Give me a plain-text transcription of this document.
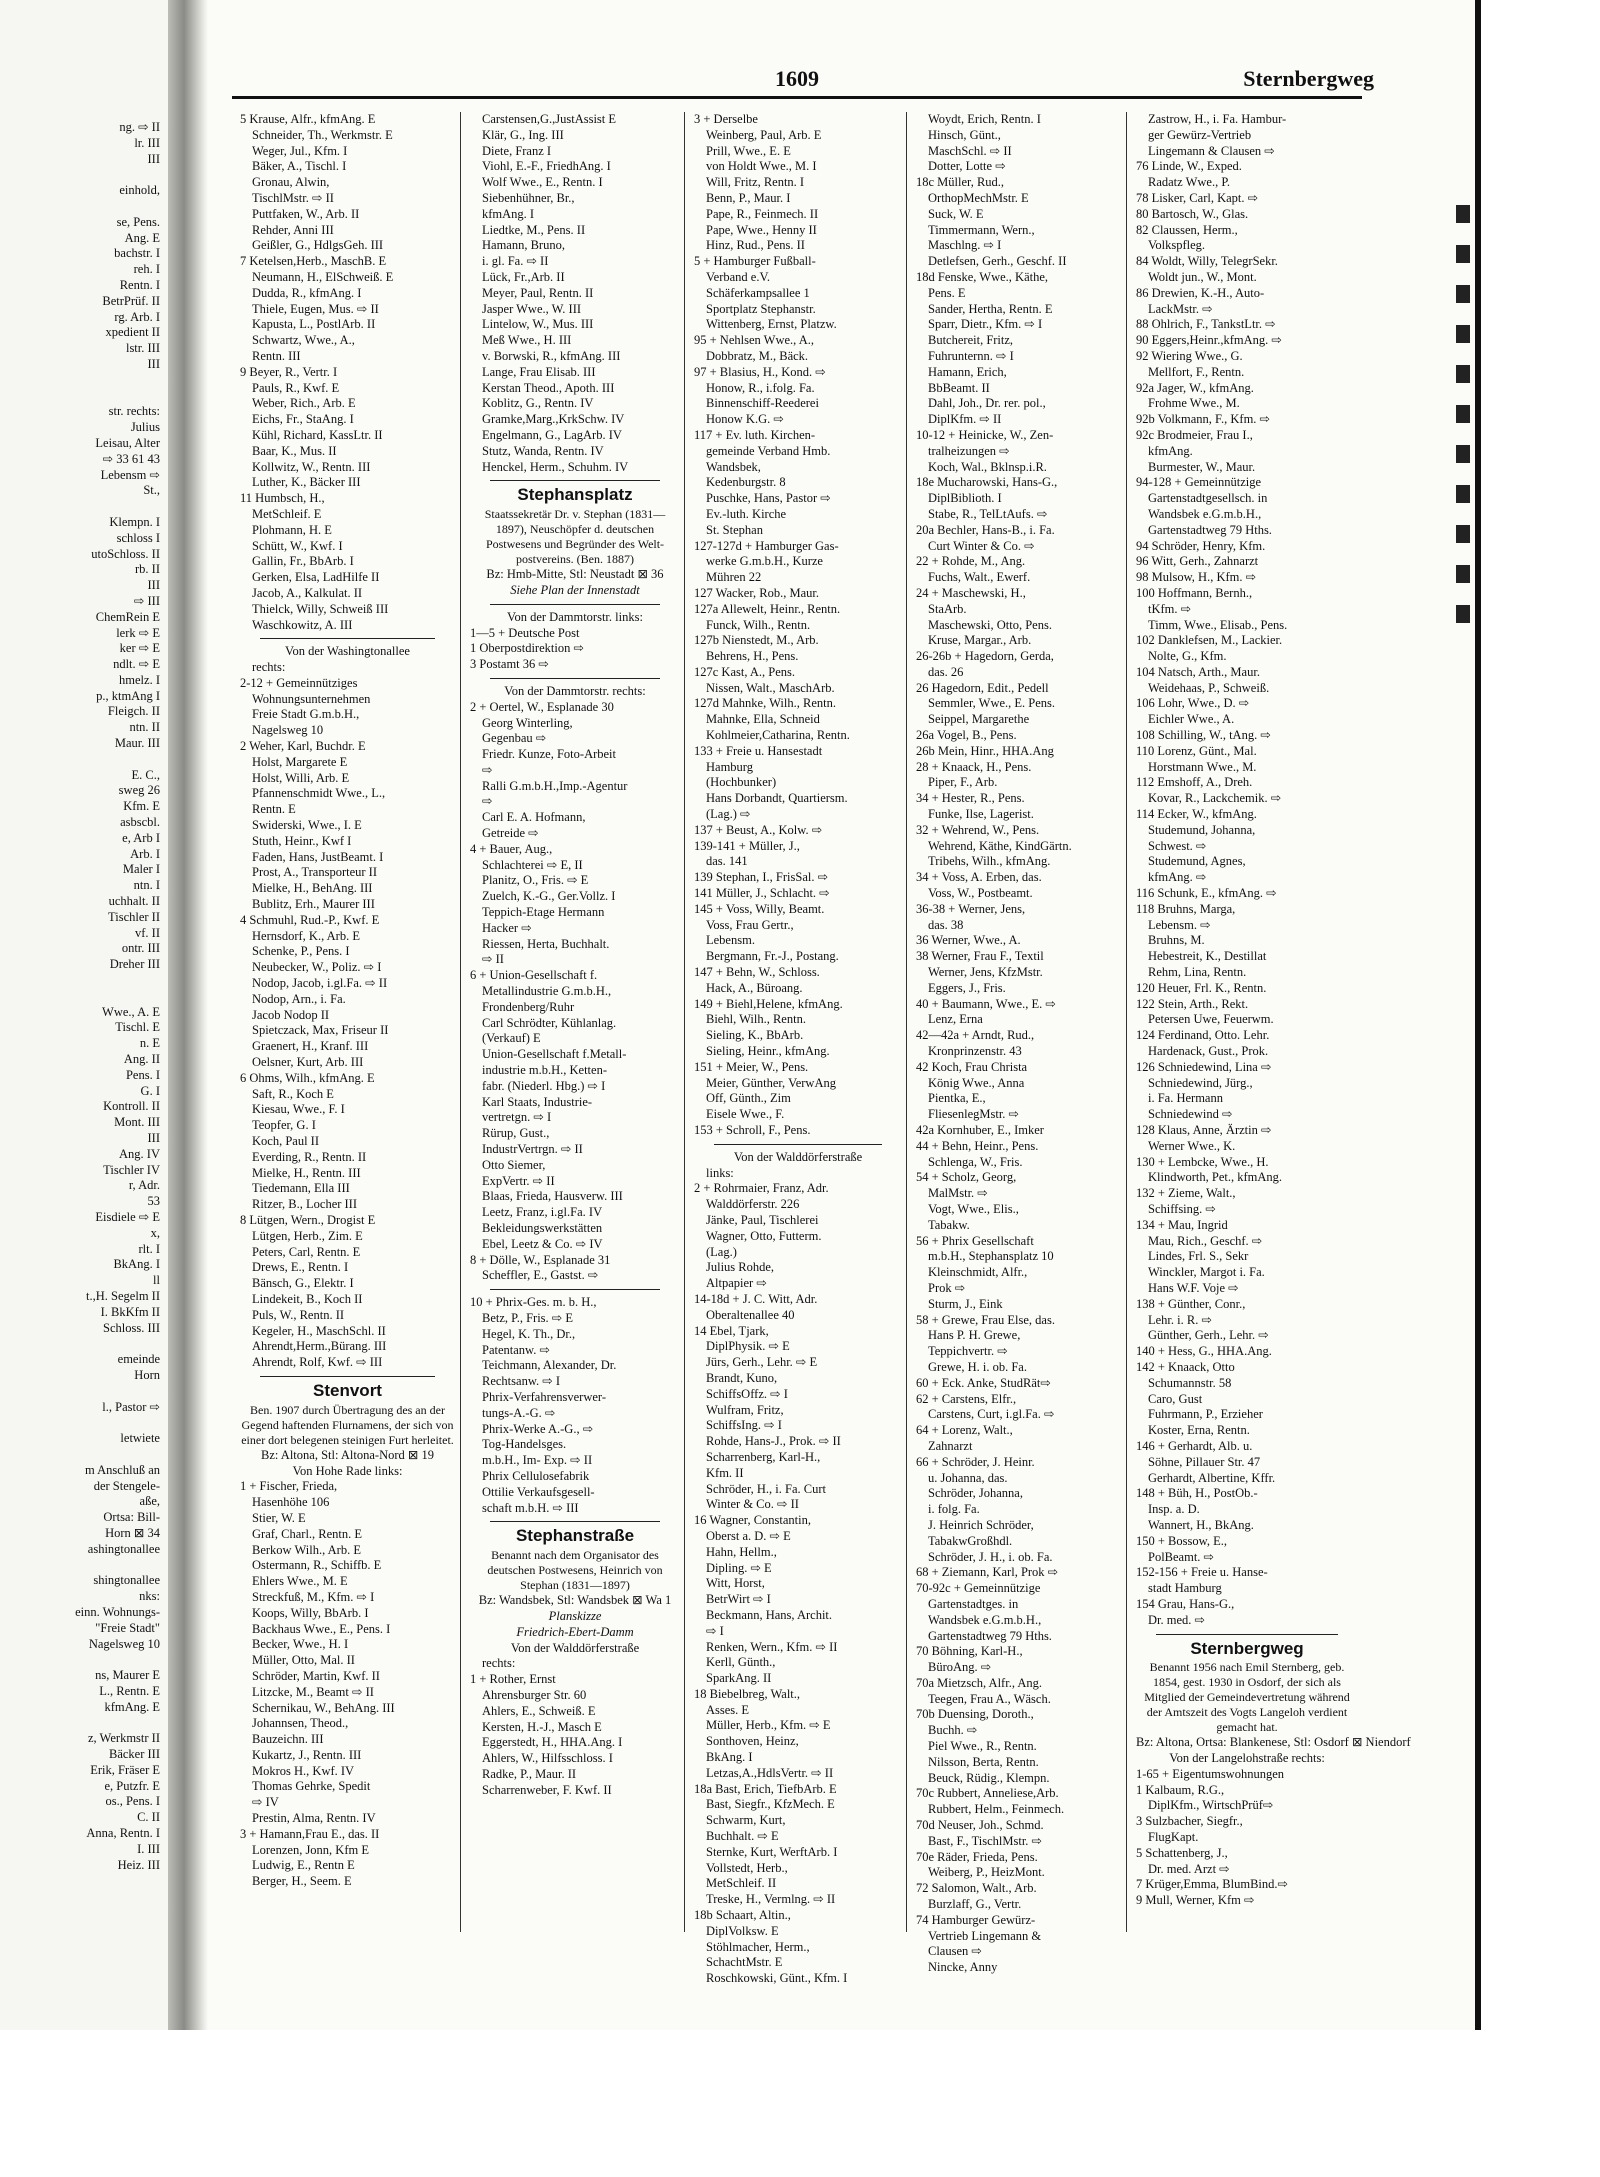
ng. ⇨ II
lr. III
III

einhold,

se, Pens.
Ang. E
bachstr. I
reh. I
Rentn. I
BetrPrüf. II
rg. Arb. I
xpedient II
lstr. III
III

str. rechts:
Julius
Leisau, Alter
⇨ 33 61 43
Lebensm ⇨
St.,

Klempn. I
schloss I
utoSchloss. II
rb. II
III
⇨ III
ChemRein E
lerk ⇨ E
ker ⇨ E
ndlt. ⇨ E
hmelz. I
p., ktmAng I
Fleigch. II
ntn. II
Maur. III

E. C.,
sweg 26
Kfm. E
asbscbl.
e, Arb I
Arb. I
Maler I
ntn. I
uchhalt. II
Tischler II
vf. II
ontr. III
Dreher III

Wwe., A. E
Tischl. E
n. E
Ang. II
Pens. I
G. I
Kontroll. II
Mont. III
III
Ang. IV
Tischler IV
r, Adr.
53
Eisdiele ⇨ E
x,
rlt. I
BkAng. I
ll
t.,H. Segelm II
I. BkKfm II
Schloss. III

emeinde
Horn

l., Pastor ⇨

letwiete

m Anschluß an
der Stengele-
aße,
Ortsa: Bill-
Horn ⊠ 34
ashingtonallee

shingtonallee
nks:
einn. Wohnungs-
"Freie Stadt"
Nagelsweg 10

ns, Maurer E
L., Rentn. E
kfmAng. E

z, Werkmstr II
Bäcker III
Erik, Fräser E
e, Putzfr. E
os., Pens. I
C. II
Anna, Rentn. I
I. III
Heiz. III
1609	Sternbergweg
5 Krause, Alfr., kfmAng. E
Schneider, Th., Werkmstr. E
Weger, Jul., Kfm. I
Bäker, A., Tischl. I
Gronau, Alwin,
TischlMstr. ⇨ II
Puttfaken, W., Arb. II
Rehder, Anni III
Geißler, G., HdlgsGeh. III
7 Ketelsen,Herb., MaschB. E
Neumann, H., ElSchweiß. E
Dudda, R., kfmAng. I
Thiele, Eugen, Mus. ⇨ II
Kapusta, L., PostlArb. II
Schwartz, Wwe., A.,
Rentn. III
9 Beyer, R., Vertr. I
Pauls, R., Kwf. E
Weber, Rich., Arb. E
Eichs, Fr., StaAng. I
Kühl, Richard, KassLtr. II
Baar, K., Mus. II
Kollwitz, W., Rentn. III
Luther, K., Bäcker III
11 Humbsch, H.,
MetSchleif. E
Plohmann, H. E
Schütt, W., Kwf. I
Gallin, Fr., BbArb. I
Gerken, Elsa, LadHilfe II
Jacob, A., Kalkulat. II
Thielck, Willy, Schweiß III
Waschkowitz, A. III
Von der Washingtonallee
rechts:
2-12 + Gemeinnütziges
Wohnungsunternehmen
Freie Stadt G.m.b.H.,
Nagelsweg 10
2 Weher, Karl, Buchdr. E
Holst, Margarete E
Holst, Willi, Arb. E
Pfannenschmidt Wwe., L.,
Rentn. E
Swiderski, Wwe., I. E
Stuth, Heinr., Kwf I
Faden, Hans, JustBeamt. I
Prost, A., Transporteur II
Mielke, H., BehAng. III
Bublitz, Erh., Maurer III
4 Schmuhl, Rud.-P., Kwf. E
Hernsdorf, K., Arb. E
Schenke, P., Pens. I
Neubecker, W., Poliz. ⇨ I
Nodop, Jacob, i.gl.Fa. ⇨ II
Nodop, Arn., i. Fa.
Jacob Nodop II
Spietczack, Max, Friseur II
Graenert, H., Kranf. III
Oelsner, Kurt, Arb. III
6 Ohms, Wilh., kfmAng. E
Saft, R., Koch E
Kiesau, Wwe., F. I
Teopfer, G. I
Koch, Paul II
Everding, R., Rentn. II
Mielke, H., Rentn. III
Tiedemann, Ella III
Ritzer, B., Locher III
8 Lütgen, Wern., Drogist E
Lütgen, Herb., Zim. E
Peters, Carl, Rentn. E
Drews, E., Rentn. I
Bänsch, G., Elektr. I
Lindekeit, B., Koch II
Puls, W., Rentn. II
Kegeler, H., MaschSchl. II
Ahrendt,Herm.,Bürang. III
Ahrendt, Rolf, Kwf. ⇨ III
Stenvort
Ben. 1907 durch Übertragung des an der Gegend haftenden Flurnamens, der sich von einer dort belegenen steinigen Furt herleitet.
Bz: Altona, Stl: Altona-Nord ⊠ 19
Von Hohe Rade links:
1 + Fischer, Frieda,
Hasenhöhe 106
Stier, W. E
Graf, Charl., Rentn. E
Berkow Wilh., Arb. E
Ostermann, R., Schiffb. E
Ehlers Wwe., M. E
Streckfuß, M., Kfm. ⇨ I
Koops, Willy, BbArb. I
Backhaus Wwe., E., Pens. I
Becker, Wwe., H. I
Müller, Otto, Mal. II
Schröder, Martin, Kwf. II
Litzcke, M., Beamt ⇨ II
Schernikau, W., BehAng. III
Johannsen, Theod.,
Bauzeichn. III
Kukartz, J., Rentn. III
Mokros H., Kwf. IV
Thomas Gehrke, Spedit
⇨ IV
Prestin, Alma, Rentn. IV
3 + Hamann,Frau E., das. II
Lorenzen, Jonn, Kfm E
Ludwig, E., Rentn E
Berger, H., Seem. E
Carstensen,G.,JustAssist E
Klär, G., Ing. III
Diete, Franz I
Viohl, E.-F., FriedhAng. I
Wolf Wwe., E., Rentn. I
Siebenhühner, Br.,
kfmAng. I
Liedtke, M., Pens. II
Hamann, Bruno,
i. gl. Fa. ⇨ II
Lück, Fr.,Arb. II
Meyer, Paul, Rentn. II
Jasper Wwe., W. III
Lintelow, W., Mus. III
Meß Wwe., H. III
v. Borwski, R., kfmAng. III
Lange, Frau Elisab. III
Kerstan Theod., Apoth. III
Koblitz, G., Rentn. IV
Gramke,Marg.,KrkSchw. IV
Engelmann, G., LagArb. IV
Stutz, Wanda, Rentn. IV
Henckel, Herm., Schuhm. IV
Stephansplatz
Staatssekretär Dr. v. Stephan (1831—1897), Neuschöpfer d. deutschen Postwesens und Begründer des Welt-postvereins. (Ben. 1887)
Bz: Hmb-Mitte, Stl: Neustadt ⊠ 36
Siehe Plan der Innenstadt
Von der Dammtorstr. links:
1—5 + Deutsche Post
1 Oberpostdirektion ⇨
3 Postamt 36 ⇨
Von der Dammtorstr. rechts:
2 + Oertel, W., Esplanade 30
Georg Winterling,
Gegenbau ⇨
Friedr. Kunze, Foto-Arbeit
⇨
Ralli G.m.b.H.,Imp.-Agentur
⇨
Carl E. A. Hofmann,
Getreide ⇨
4 + Bauer, Aug.,
Schlachterei ⇨ E, II
Planitz, O., Fris. ⇨ E
Zuelch, K.-G., Ger.Vollz. I
Teppich-Etage Hermann
Hacker ⇨
Riessen, Herta, Buchhalt.
⇨ II
6 + Union-Gesellschaft f.
Metallindustrie G.m.b.H.,
Frondenberg/Ruhr
Carl Schrödter, Kühlanlag.
(Verkauf) E
Union-Gesellschaft f.Metall-
industrie m.b.H., Ketten-
fabr. (Niederl. Hbg.) ⇨ I
Karl Staats, Industrie-
vertretgn. ⇨ I
Rürup, Gust.,
IndustrVertrgn. ⇨ II
Otto Siemer,
ExpVertr. ⇨ II
Blaas, Frieda, Hausverw. III
Leetz, Franz, i.gl.Fa. IV
Bekleidungswerkstätten
Ebel, Leetz & Co. ⇨ IV
8 + Dölle, W., Esplanade 31
Scheffler, E., Gastst. ⇨
10 + Phrix-Ges. m. b. H.,
Betz, P., Fris. ⇨ E
Hegel, K. Th., Dr.,
Patentanw. ⇨
Teichmann, Alexander, Dr.
Rechtsanw. ⇨ I
Phrix-Verfahrensverwer-
tungs-A.-G. ⇨
Phrix-Werke A.-G., ⇨
Tog-Handelsges.
m.b.H., Im- Exp. ⇨ II
Phrix Cellulosefabrik
Ottilie Verkaufsgesell-
schaft m.b.H. ⇨ III
Stephanstraße
Benannt nach dem Organisator des deutschen Postwesens, Heinrich von Stephan (1831—1897)
Bz: Wandsbek, Stl: Wandsbek ⊠ Wa 1
Planskizze
Friedrich-Ebert-Damm
Von der Walddörferstraße
rechts:
1 + Rother, Ernst
Ahrensburger Str. 60
Ahlers, E., Schweiß. E
Kersten, H.-J., Masch E
Eggerstedt, H., HHA.Ang. I
Ahlers, W., Hilfsschloss. I
Radke, P., Maur. II
Scharrenweber, F. Kwf. II
3 + Derselbe
Weinberg, Paul, Arb. E
Prill, Wwe., E. E
von Holdt Wwe., M. I
Will, Fritz, Rentn. I
Benn, P., Maur. I
Pape, R., Feinmech. II
Pape, Wwe., Henny II
Hinz, Rud., Pens. II
5 + Hamburger Fußball-
Verband e.V.
Schäferkampsallee 1
Sportplatz Stephanstr.
Wittenberg, Ernst, Platzw.
95 + Nehlsen Wwe., A.,
Dobbratz, M., Bäck.
97 + Blasius, H., Kond. ⇨
Honow, R., i.folg. Fa.
Binnenschiff-Reederei
Honow K.G. ⇨
117 + Ev. luth. Kirchen-
gemeinde Verband Hmb.
Wandsbek,
Kedenburgstr. 8
Puschke, Hans, Pastor ⇨
Ev.-luth. Kirche
St. Stephan
127-127d + Hamburger Gas-
werke G.m.b.H., Kurze
Mühren 22
127 Wacker, Rob., Maur.
127a Allewelt, Heinr., Rentn.
Funck, Wilh., Rentn.
127b Nienstedt, M., Arb.
Behrens, H., Pens.
127c Kast, A., Pens.
Nissen, Walt., MaschArb.
127d Mahnke, Wilh., Rentn.
Mahnke, Ella, Schneid
Kohlmeier,Catharina, Rentn.
133 + Freie u. Hansestadt
Hamburg
(Hochbunker)
Hans Dorbandt, Quartiersm.
(Lag.) ⇨
137 + Beust, A., Kolw. ⇨
139-141 + Müller, J.,
das. 141
139 Stephan, I., FrisSal. ⇨
141 Müller, J., Schlacht. ⇨
145 + Voss, Willy, Beamt.
Voss, Frau Gertr.,
Lebensm.
Bergmann, Fr.-J., Postang.
147 + Behn, W., Schloss.
Hack, A., Büroang.
149 + Biehl,Helene, kfmAng.
Biehl, Wilh., Rentn.
Sieling, K., BbArb.
Sieling, Heinr., kfmAng.
151 + Meier, W., Pens.
Meier, Günther, VerwAng
Off, Günth., Zim
Eisele Wwe., F.
153 + Schroll, F., Pens.
Von der Walddörferstraße
links:
2 + Rohrmaier, Franz, Adr.
Walddörferstr. 226
Jänke, Paul, Tischlerei
Wagner, Otto, Futterm.
(Lag.)
Julius Rohde,
Altpapier ⇨
14-18d + J. C. Witt, Adr.
Oberaltenallee 40
14 Ebel, Tjark,
DiplPhysik. ⇨ E
Jürs, Gerh., Lehr. ⇨ E
Brandt, Kuno,
SchiffsOffz. ⇨ I
Wulfram, Fritz,
SchiffsIng. ⇨ I
Rohde, Hans-J., Prok. ⇨ II
Scharrenberg, Karl-H.,
Kfm. II
Schröder, H., i. Fa. Curt
Winter & Co. ⇨ II
16 Wagner, Constantin,
Oberst a. D. ⇨ E
Hahn, Hellm.,
Dipling. ⇨ E
Witt, Horst,
BetrWirt ⇨ I
Beckmann, Hans, Archit.
⇨ I
Renken, Wern., Kfm. ⇨ II
Kerll, Günth.,
SparkAng. II
18 Biebelbreg, Walt.,
Asses. E
Müller, Herb., Kfm. ⇨ E
Sonthoven, Heinz,
BkAng. I
Letzas,A.,HdlsVertr. ⇨ II
18a Bast, Erich, TiefbArb. E
Bast, Siegfr., KfzMech. E
Schwarm, Kurt,
Buchhalt. ⇨ E
Sternke, Kurt, WerftArb. I
Vollstedt, Herb.,
MetSchleif. II
Treske, H., Vermlng. ⇨ II
18b Schaart, Altin.,
DiplVolksw. E
Stöhlmacher, Herm.,
SchachtMstr. E
Roschkowski, Günt., Kfm. I
Woydt, Erich, Rentn. I
Hinsch, Günt.,
MaschSchl. ⇨ II
Dotter, Lotte ⇨
18c Müller, Rud.,
OrthopMechMstr. E
Suck, W. E
Timmermann, Wern.,
Maschlng. ⇨ I
Detlefsen, Gerh., Geschf. II
18d Fenske, Wwe., Käthe,
Pens. E
Sander, Hertha, Rentn. E
Sparr, Dietr., Kfm. ⇨ I
Butchereit, Fritz,
Fuhrunternn. ⇨ I
Hamann, Erich,
BbBeamt. II
Dahl, Joh., Dr. rer. pol.,
DiplKfm. ⇨ II
10-12 + Heinicke, W., Zen-
tralheizungen ⇨
Koch, Wal., Bklnsp.i.R.
18e Mucharowski, Hans-G.,
DiplBiblioth. I
Stabe, R., TelLtAufs. ⇨
20a Bechler, Hans-B., i. Fa.
Curt Winter & Co. ⇨
22 + Rohde, M., Ang.
Fuchs, Walt., Ewerf.
24 + Maschewski, H.,
StaArb.
Maschewski, Otto, Pens.
Kruse, Margar., Arb.
26-26b + Hagedorn, Gerda,
das. 26
26 Hagedorn, Edit., Pedell
Semmler, Wwe., E. Pens.
Seippel, Margarethe
26a Vogel, B., Pens.
26b Mein, Hinr., HHA.Ang
28 + Knaack, H., Pens.
Piper, F., Arb.
34 + Hester, R., Pens.
Funke, Ilse, Lagerist.
32 + Wehrend, W., Pens.
Wehrend, Käthe, KindGärtn.
Tribehs, Wilh., kfmAng.
34 + Voss, A. Erben, das.
Voss, W., Postbeamt.
36-38 + Werner, Jens,
das. 38
36 Werner, Wwe., A.
38 Werner, Frau F., Textil
Werner, Jens, KfzMstr.
Eggers, J., Fris.
40 + Baumann, Wwe., E. ⇨
Lenz, Erna
42—42a + Arndt, Rud.,
Kronprinzenstr. 43
42 Koch, Frau Christa
König Wwe., Anna
Pientka, E.,
FliesenlegMstr. ⇨
42a Kornhuber, E., Imker
44 + Behn, Heinr., Pens.
Schlenga, W., Fris.
54 + Scholz, Georg,
MalMstr. ⇨
Vogt, Wwe., Elis.,
Tabakw.
56 + Phrix Gesellschaft
m.b.H., Stephansplatz 10
Kleinschmidt, Alfr.,
Prok ⇨
Sturm, J., Eink
58 + Grewe, Frau Else, das.
Hans P. H. Grewe,
Teppichvertr. ⇨
Grewe, H. i. ob. Fa.
60 + Eck. Anke, StudRät⇨
62 + Carstens, Elfr.,
Carstens, Curt, i.gl.Fa. ⇨
64 + Lorenz, Walt.,
Zahnarzt
66 + Schröder, J. Heinr.
u. Johanna, das.
Schröder, Johanna,
i. folg. Fa.
J. Heinrich Schröder,
TabakwGroßhdl.
Schröder, J. H., i. ob. Fa.
68 + Ziemann, Karl, Prok ⇨
70-92c + Gemeinnützige
Gartenstadtges. in
Wandsbek e.G.m.b.H.,
Gartenstadtweg 79 Hths.
70 Böhning, Karl-H.,
BüroAng. ⇨
70a Mietzsch, Alfr., Ang.
Teegen, Frau A., Wäsch.
70b Duensing, Doroth.,
Buchh. ⇨
Piel Wwe., R., Rentn.
Nilsson, Berta, Rentn.
Beuck, Rüdig., Klempn.
70c Rubbert, Anneliese,Arb.
Rubbert, Helm., Feinmech.
70d Neuser, Joh., Schmd.
Bast, F., TischlMstr. ⇨
70e Räder, Frieda, Pens.
Weiberg, P., HeizMont.
72 Salomon, Walt., Arb.
Burzlaff, G., Vertr.
74 Hamburger Gewürz-
Vertrieb Lingemann &
Clausen ⇨
Nincke, Anny
Zastrow, H., i. Fa. Hambur-
ger Gewürz-Vertrieb
Lingemann & Clausen ⇨
76 Linde, W., Exped.
Radatz Wwe., P.
78 Lisker, Carl, Kapt. ⇨
80 Bartosch, W., Glas.
82 Claussen, Herm.,
Volkspfleg.
84 Woldt, Willy, TelegrSekr.
Woldt jun., W., Mont.
86 Drewien, K.-H., Auto-
LackMstr. ⇨
88 Ohlrich, F., TankstLtr. ⇨
90 Eggers,Heinr.,kfmAng. ⇨
92 Wiering Wwe., G.
Mellfort, F., Rentn.
92a Jager, W., kfmAng.
Frohme Wwe., M.
92b Volkmann, F., Kfm. ⇨
92c Brodmeier, Frau I.,
kfmAng.
Burmester, W., Maur.
94-128 + Gemeinnützige
Gartenstadtgesellsch. in
Wandsbek e.G.m.b.H.,
Gartenstadtweg 79 Hths.
94 Schröder, Henry, Kfm.
96 Witt, Gerh., Zahnarzt
98 Mulsow, H., Kfm. ⇨
100 Hoffmann, Bernh.,
tKfm. ⇨
Timm, Wwe., Elisab., Pens.
102 Danklefsen, M., Lackier.
Nolte, G., Kfm.
104 Natsch, Arth., Maur.
Weidehaas, P., Schweiß.
106 Lohr, Wwe., D. ⇨
Eichler Wwe., A.
108 Schilling, W., tAng. ⇨
110 Lorenz, Günt., Mal.
Horstmann Wwe., M.
112 Emshoff, A., Dreh.
Kovar, R., Lackchemik. ⇨
114 Ecker, W., kfmAng.
Studemund, Johanna,
Schwest. ⇨
Studemund, Agnes,
kfmAng. ⇨
116 Schunk, E., kfmAng. ⇨
118 Bruhns, Marga,
Lebensm. ⇨
Bruhns, M.
Hebestreit, K., Destillat
Rehm, Lina, Rentn.
120 Heuer, Frl. K., Rentn.
122 Stein, Arth., Rekt.
Petersen Uwe, Feuerwm.
124 Ferdinand, Otto. Lehr.
Hardenack, Gust., Prok.
126 Schniedewind, Lina ⇨
Schniedewind, Jürg.,
i. Fa. Hermann
Schniedewind ⇨
128 Klaus, Anne, Ärztin ⇨
Werner Wwe., K.
130 + Lembcke, Wwe., H.
Klindworth, Pet., kfmAng.
132 + Zieme, Walt.,
Schiffsing. ⇨
134 + Mau, Ingrid
Mau, Rich., Geschf. ⇨
Lindes, Frl. S., Sekr
Winckler, Margot i. Fa.
Hans W.F. Voje ⇨
138 + Günther, Conr.,
Lehr. i. R. ⇨
Günther, Gerh., Lehr. ⇨
140 + Hess, G., HHA.Ang.
142 + Knaack, Otto
Schumannstr. 58
Caro, Gust
Fuhrmann, P., Erzieher
Koster, Erna, Rentn.
146 + Gerhardt, Alb. u.
Söhne, Pillauer Str. 47
Gerhardt, Albertine, Kffr.
148 + Büh, H., PostOb.-
Insp. a. D.
Wannert, H., BkAng.
150 + Bossow, E.,
PolBeamt. ⇨
152-156 + Freie u. Hanse-
stadt Hamburg
154 Grau, Hans-G.,
Dr. med. ⇨
Sternbergweg
Benannt 1956 nach Emil Sternberg, geb. 1854, gest. 1930 in Osdorf, der sich als Mitglied der Gemeindevertretung während der Amtszeit des Vogts Langeloh verdient gemacht hat.
Bz: Altona, Ortsa: Blankenese, Stl: Osdorf ⊠ Niendorf
Von der Langelohstraße rechts:
1-65 + Eigentumswohnungen
1 Kalbaum, R.G.,
DiplKfm., WirtschPrüf⇨
3 Sulzbacher, Siegfr.,
FlugKapt.
5 Schattenberg, J.,
Dr. med. Arzt ⇨
7 Krüger,Emma, BlumBind.⇨
9 Mull, Werner, Kfm ⇨
